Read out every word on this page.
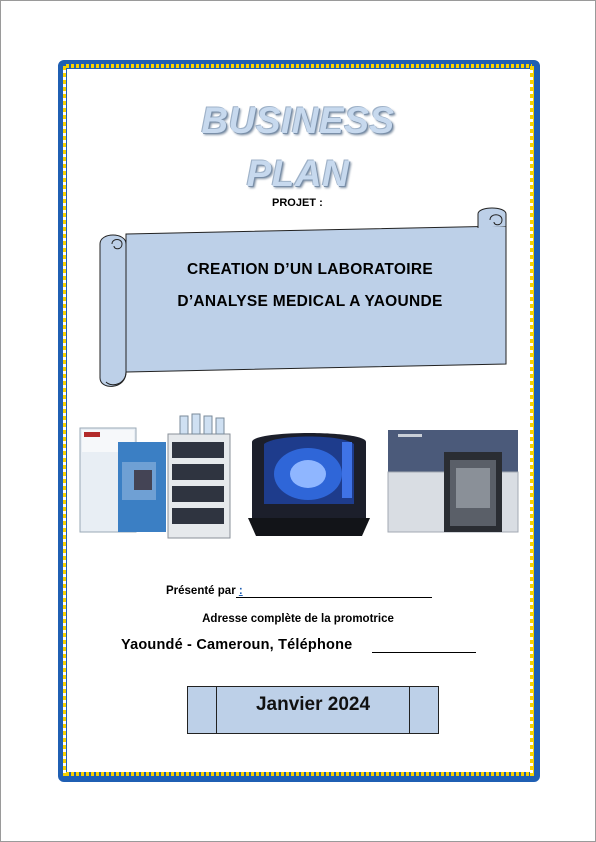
BUSINESS
PLAN
PROJET :
CREATION D’UN LABORATOIRE
D’ANALYSE MEDICAL A YAOUNDE
Présenté par :
Adresse complète de la promotrice
Yaoundé - Cameroun, Téléphone
Janvier 2024
